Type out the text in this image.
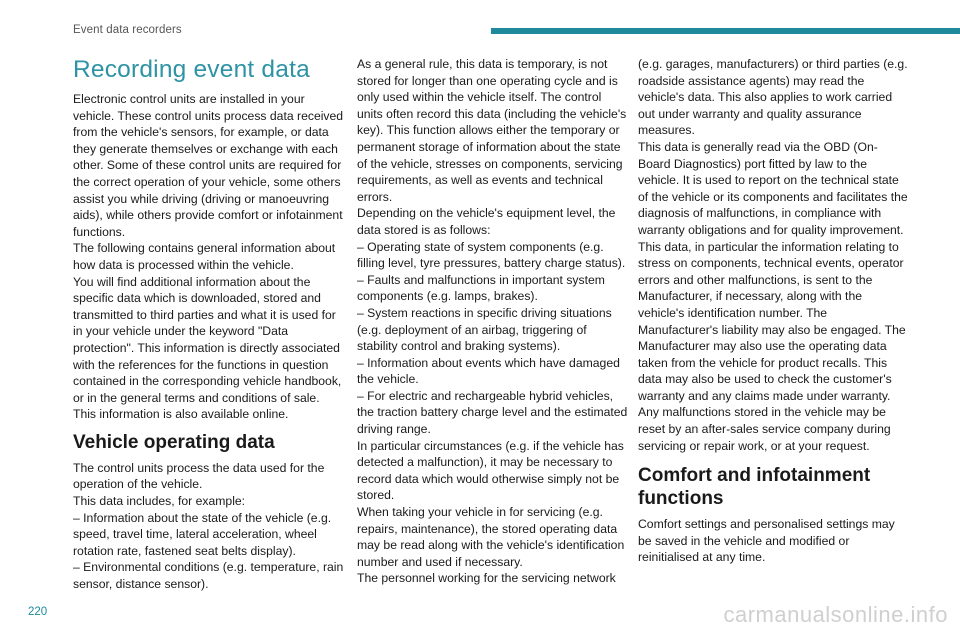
Event data recorders
Recording event data

Electronic control units are installed in your vehicle. These control units process data received from the vehicle's sensors, for example, or data they generate themselves or exchange with each other. Some of these control units are required for the correct operation of your vehicle, some others assist you while driving (driving or manoeuvring aids), while others provide comfort or infotainment functions.

The following contains general information about how data is processed within the vehicle.

You will find additional information about the specific data which is downloaded, stored and transmitted to third parties and what it is used for in your vehicle under the keyword "Data protection". This information is directly associated with the references for the functions in question contained in the corresponding vehicle handbook, or in the general terms and conditions of sale.

This information is also available online.

Vehicle operating data

The control units process the data used for the operation of the vehicle.

This data includes, for example:

– Information about the state of the vehicle (e.g. speed, travel time, lateral acceleration, wheel rotation rate, fastened seat belts display).

– Environmental conditions (e.g. temperature, rain sensor, distance sensor).

As a general rule, this data is temporary, is not stored for longer than one operating cycle and is only used within the vehicle itself. The control units often record this data (including the vehicle's key). This function allows either the temporary or permanent storage of information about the state of the vehicle, stresses on components, servicing requirements, as well as events and technical errors.

Depending on the vehicle's equipment level, the data stored is as follows:

– Operating state of system components (e.g. filling level, tyre pressures, battery charge status).

– Faults and malfunctions in important system components (e.g. lamps, brakes).

– System reactions in specific driving situations (e.g. deployment of an airbag, triggering of stability control and braking systems).

– Information about events which have damaged the vehicle.

– For electric and rechargeable hybrid vehicles, the traction battery charge level and the estimated driving range.

In particular circumstances (e.g. if the vehicle has detected a malfunction), it may be necessary to record data which would otherwise simply not be stored.

When taking your vehicle in for servicing (e.g. repairs, maintenance), the stored operating data may be read along with the vehicle's identification number and used if necessary.

The personnel working for the servicing network

(e.g. garages, manufacturers) or third parties (e.g. roadside assistance agents) may read the vehicle's data. This also applies to work carried out under warranty and quality assurance measures.

This data is generally read via the OBD (On-Board Diagnostics) port fitted by law to the vehicle. It is used to report on the technical state of the vehicle or its components and facilitates the diagnosis of malfunctions, in compliance with warranty obligations and for quality improvement. This data, in particular the information relating to stress on components, technical events, operator errors and other malfunctions, is sent to the Manufacturer, if necessary, along with the vehicle's identification number. The Manufacturer's liability may also be engaged. The Manufacturer may also use the operating data taken from the vehicle for product recalls. This data may also be used to check the customer's warranty and any claims made under warranty.

Any malfunctions stored in the vehicle may be reset by an after-sales service company during servicing or repair work, or at your request.

Comfort and infotainment functions

Comfort settings and personalised settings may be saved in the vehicle and modified or reinitialised at any time.

220	carmanualsonline.info
